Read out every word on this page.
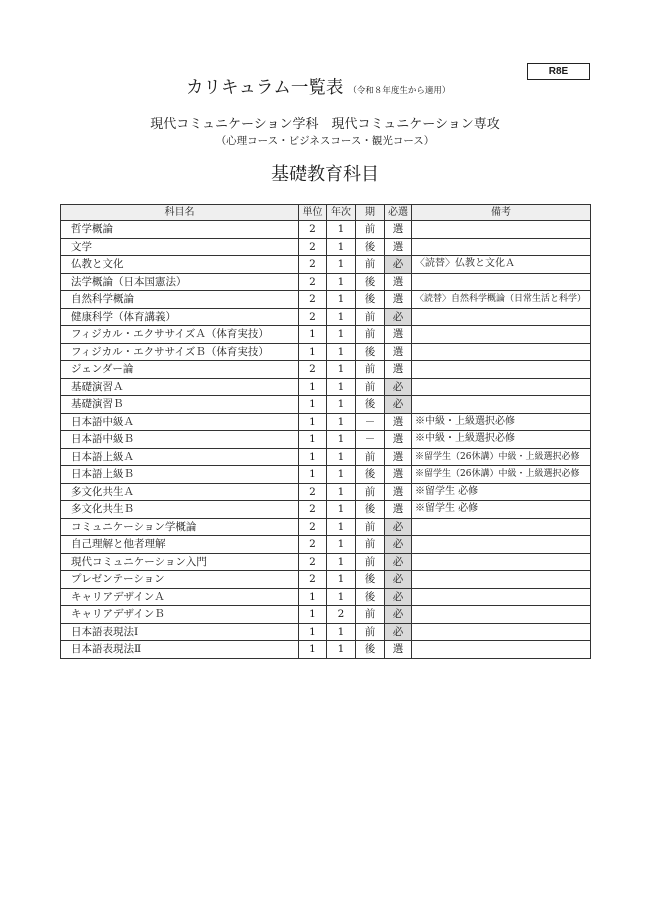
R8E
カリキュラム一覧表 （令和８年度生から適用）
現代コミュニケーション学科　現代コミュニケーション専攻
（心理コース・ビジネスコース・観光コース）
基礎教育科目
科目名	単位	年次	期	必選	備考
哲学概論	2	1	前	選	
文学	2	1	後	選	
仏教と文化	2	1	前	必	〈読替〉仏教と文化Ａ
法学概論（日本国憲法）	2	1	後	選	
自然科学概論	2	1	後	選	〈読替〉自然科学概論（日常生活と科学）
健康科学（体育講義）	2	1	前	必	
フィジカル・エクササイズＡ（体育実技）	1	1	前	選	
フィジカル・エクササイズＢ（体育実技）	1	1	後	選	
ジェンダー論	2	1	前	選	
基礎演習Ａ	1	1	前	必	
基礎演習Ｂ	1	1	後	必	
日本語中級Ａ	1	1	－	選	※中級・上級選択必修
日本語中級Ｂ	1	1	－	選	※中級・上級選択必修
日本語上級Ａ	1	1	前	選	※留学生（26休講）中級・上級選択必修
日本語上級Ｂ	1	1	後	選	※留学生（26休講）中級・上級選択必修
多文化共生Ａ	2	1	前	選	※留学生 必修
多文化共生Ｂ	2	1	後	選	※留学生 必修
コミュニケーション学概論	2	1	前	必	
自己理解と他者理解	2	1	前	必	
現代コミュニケーション入門	2	1	前	必	
プレゼンテーション	2	1	後	必	
キャリアデザインＡ	1	1	後	必	
キャリアデザインＢ	1	2	前	必	
日本語表現法Ⅰ	1	1	前	必	
日本語表現法Ⅱ	1	1	後	選	
